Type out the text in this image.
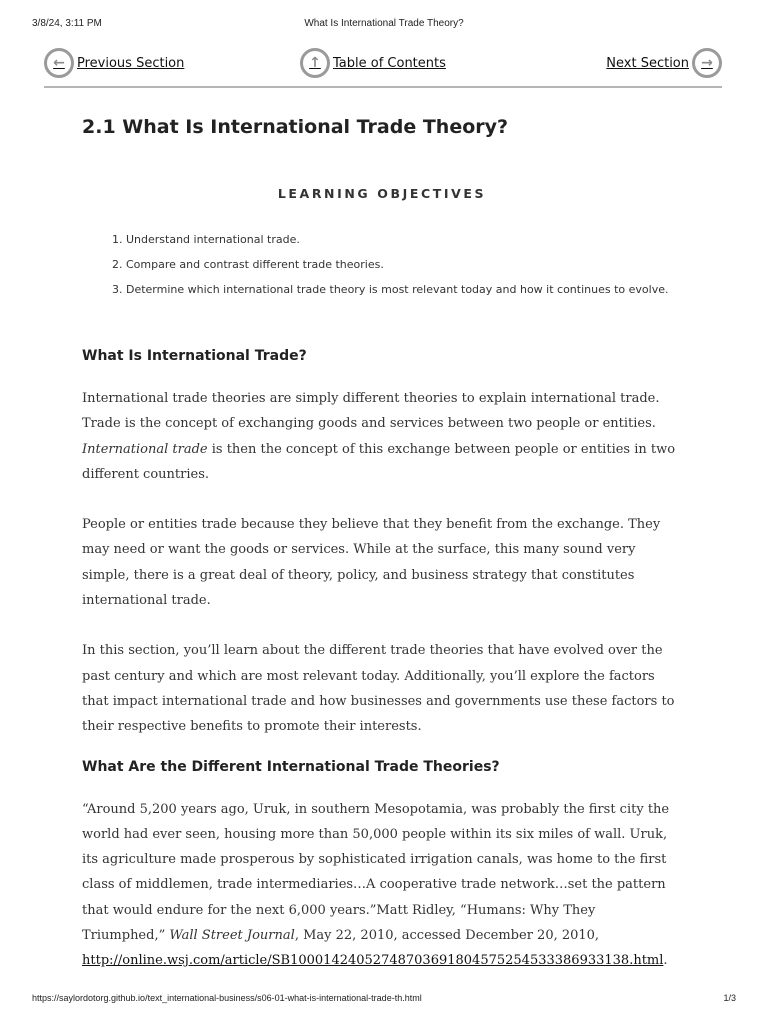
3/8/24, 3:11 PM	What Is International Trade Theory?
← Previous Section	↑ Table of Contents	Next Section →
2.1 What Is International Trade Theory?
LEARNING OBJECTIVES
1. Understand international trade.
2. Compare and contrast different trade theories.
3. Determine which international trade theory is most relevant today and how it continues to evolve.
What Is International Trade?

International trade theories are simply different theories to explain international trade. Trade is the concept of exchanging goods and services between two people or entities. International trade is then the concept of this exchange between people or entities in two different countries.

People or entities trade because they believe that they benefit from the exchange. They may need or want the goods or services. While at the surface, this many sound very simple, there is a great deal of theory, policy, and business strategy that constitutes international trade.

In this section, you’ll learn about the different trade theories that have evolved over the past century and which are most relevant today. Additionally, you’ll explore the factors that impact international trade and how businesses and governments use these factors to their respective benefits to promote their interests.

What Are the Different International Trade Theories?

“Around 5,200 years ago, Uruk, in southern Mesopotamia, was probably the first city the world had ever seen, housing more than 50,000 people within its six miles of wall. Uruk, its agriculture made prosperous by sophisticated irrigation canals, was home to the first class of middlemen, trade intermediaries…A cooperative trade network…set the pattern that would endure for the next 6,000 years.”Matt Ridley, “Humans: Why They Triumphed,” Wall Street Journal, May 22, 2010, accessed December 20, 2010, http://online.wsj.com/article/SB10001424052748703691804575254533386933138.html.

https://saylordotorg.github.io/text_international-business/s06-01-what-is-international-trade-th.html	1/3
